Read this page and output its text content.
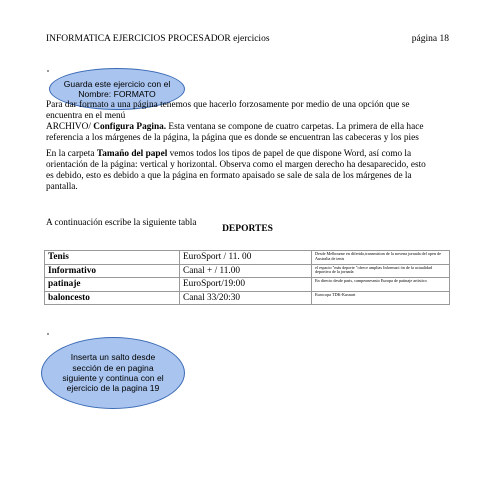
INFORMATICA EJERCICIOS PROCESADOR ejercicios	página 18
Guarda este ejercicio con el Nombre: FORMATO
Para dar formato a una página tenemos que hacerlo forzosamente por medio de una opción que se
encuentra en el menú
ARCHIVO/ Configura Pagina. Esta ventana se compone de cuatro carpetas. La primera de ella hace
referencia a los márgenes de la página, la página que es donde se encuentran las cabeceras y los pies
En la carpeta Tamaño del papel vemos todos los tipos de papel de que dispone Word, así como la
orientación de la página: vertical y horizontal. Observa como el margen derecho ha desaparecido, esto
es debido, esto es debido a que la página en formato apaisado se sale de sala de los márgenes de la
pantalla.
A continuación escribe la siguiente tabla
DEPORTES
Tenis	EuroSport / 11. 00	Desde Melbourne en diferido,transmision de la novena jornada del open de Australia de tenis
Informativo	Canal + / 11.00	el espacio "más deporte "ofrece amplias Informaci ón de la actualidad deportiva de la jornada
patinaje	EuroSport/19:00	En directo desde paris, campeonesnsto Europa de patinaje artistico
baloncesto	Canal 33/20:30	Eurocopa TDK-Kusnart
Inserta un salto desde sección de en pagina siguiente y continua con el ejercicio de la pagina 19
